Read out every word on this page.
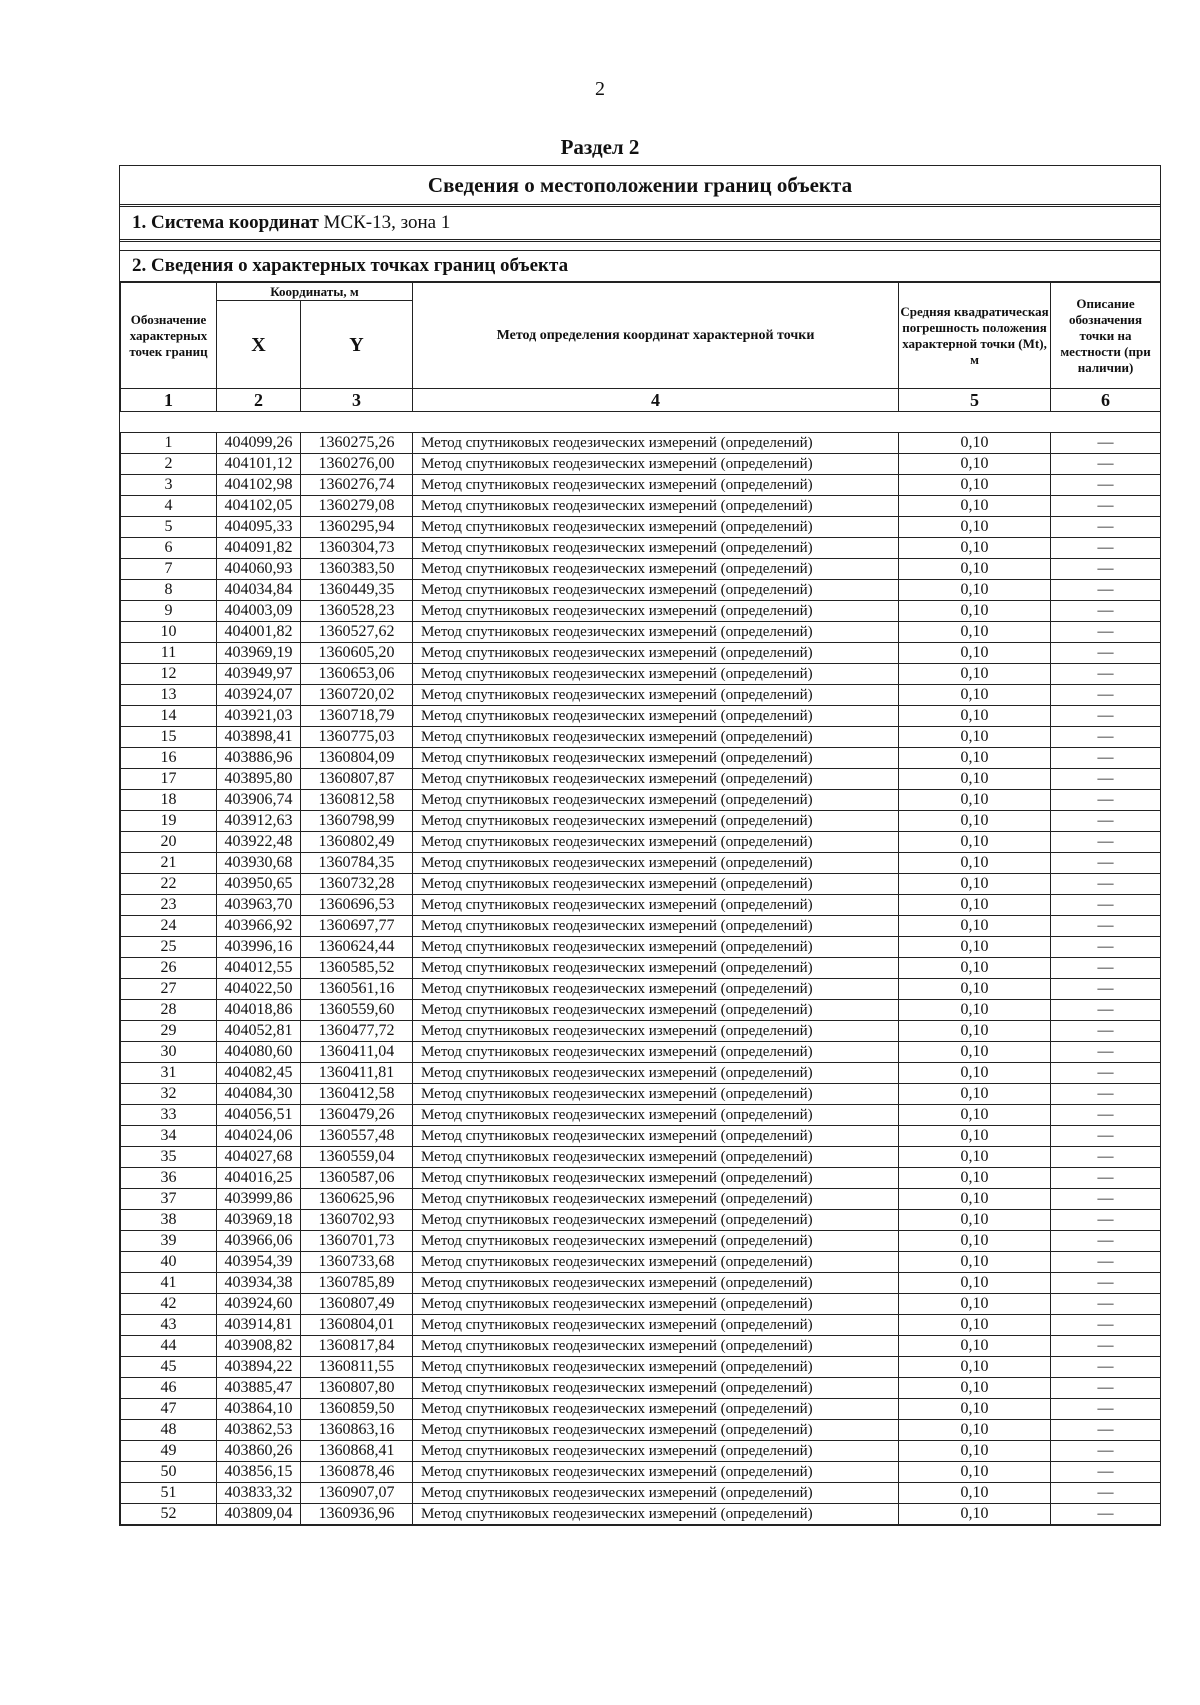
2
Раздел 2
Сведения о местоположении границ объекта
1. Система координат МСК-13, зона 1
2. Сведения о характерных точках границ объекта
Обозначение характерных точек границ	Координаты, м		Метод определения координат характерной точки	Средняя квадратическая погрешность положения характерной точки (Mt), м	Описание обозначения точки на местности (при наличии)
	X	Y			
1	2	3	4	5	6

1	404099,26	1360275,26	Метод спутниковых геодезических измерений (определений)	0,10	—
2	404101,12	1360276,00	Метод спутниковых геодезических измерений (определений)	0,10	—
3	404102,98	1360276,74	Метод спутниковых геодезических измерений (определений)	0,10	—
4	404102,05	1360279,08	Метод спутниковых геодезических измерений (определений)	0,10	—
5	404095,33	1360295,94	Метод спутниковых геодезических измерений (определений)	0,10	—
6	404091,82	1360304,73	Метод спутниковых геодезических измерений (определений)	0,10	—
7	404060,93	1360383,50	Метод спутниковых геодезических измерений (определений)	0,10	—
8	404034,84	1360449,35	Метод спутниковых геодезических измерений (определений)	0,10	—
9	404003,09	1360528,23	Метод спутниковых геодезических измерений (определений)	0,10	—
10	404001,82	1360527,62	Метод спутниковых геодезических измерений (определений)	0,10	—
11	403969,19	1360605,20	Метод спутниковых геодезических измерений (определений)	0,10	—
12	403949,97	1360653,06	Метод спутниковых геодезических измерений (определений)	0,10	—
13	403924,07	1360720,02	Метод спутниковых геодезических измерений (определений)	0,10	—
14	403921,03	1360718,79	Метод спутниковых геодезических измерений (определений)	0,10	—
15	403898,41	1360775,03	Метод спутниковых геодезических измерений (определений)	0,10	—
16	403886,96	1360804,09	Метод спутниковых геодезических измерений (определений)	0,10	—
17	403895,80	1360807,87	Метод спутниковых геодезических измерений (определений)	0,10	—
18	403906,74	1360812,58	Метод спутниковых геодезических измерений (определений)	0,10	—
19	403912,63	1360798,99	Метод спутниковых геодезических измерений (определений)	0,10	—
20	403922,48	1360802,49	Метод спутниковых геодезических измерений (определений)	0,10	—
21	403930,68	1360784,35	Метод спутниковых геодезических измерений (определений)	0,10	—
22	403950,65	1360732,28	Метод спутниковых геодезических измерений (определений)	0,10	—
23	403963,70	1360696,53	Метод спутниковых геодезических измерений (определений)	0,10	—
24	403966,92	1360697,77	Метод спутниковых геодезических измерений (определений)	0,10	—
25	403996,16	1360624,44	Метод спутниковых геодезических измерений (определений)	0,10	—
26	404012,55	1360585,52	Метод спутниковых геодезических измерений (определений)	0,10	—
27	404022,50	1360561,16	Метод спутниковых геодезических измерений (определений)	0,10	—
28	404018,86	1360559,60	Метод спутниковых геодезических измерений (определений)	0,10	—
29	404052,81	1360477,72	Метод спутниковых геодезических измерений (определений)	0,10	—
30	404080,60	1360411,04	Метод спутниковых геодезических измерений (определений)	0,10	—
31	404082,45	1360411,81	Метод спутниковых геодезических измерений (определений)	0,10	—
32	404084,30	1360412,58	Метод спутниковых геодезических измерений (определений)	0,10	—
33	404056,51	1360479,26	Метод спутниковых геодезических измерений (определений)	0,10	—
34	404024,06	1360557,48	Метод спутниковых геодезических измерений (определений)	0,10	—
35	404027,68	1360559,04	Метод спутниковых геодезических измерений (определений)	0,10	—
36	404016,25	1360587,06	Метод спутниковых геодезических измерений (определений)	0,10	—
37	403999,86	1360625,96	Метод спутниковых геодезических измерений (определений)	0,10	—
38	403969,18	1360702,93	Метод спутниковых геодезических измерений (определений)	0,10	—
39	403966,06	1360701,73	Метод спутниковых геодезических измерений (определений)	0,10	—
40	403954,39	1360733,68	Метод спутниковых геодезических измерений (определений)	0,10	—
41	403934,38	1360785,89	Метод спутниковых геодезических измерений (определений)	0,10	—
42	403924,60	1360807,49	Метод спутниковых геодезических измерений (определений)	0,10	—
43	403914,81	1360804,01	Метод спутниковых геодезических измерений (определений)	0,10	—
44	403908,82	1360817,84	Метод спутниковых геодезических измерений (определений)	0,10	—
45	403894,22	1360811,55	Метод спутниковых геодезических измерений (определений)	0,10	—
46	403885,47	1360807,80	Метод спутниковых геодезических измерений (определений)	0,10	—
47	403864,10	1360859,50	Метод спутниковых геодезических измерений (определений)	0,10	—
48	403862,53	1360863,16	Метод спутниковых геодезических измерений (определений)	0,10	—
49	403860,26	1360868,41	Метод спутниковых геодезических измерений (определений)	0,10	—
50	403856,15	1360878,46	Метод спутниковых геодезических измерений (определений)	0,10	—
51	403833,32	1360907,07	Метод спутниковых геодезических измерений (определений)	0,10	—
52	403809,04	1360936,96	Метод спутниковых геодезических измерений (определений)	0,10	—
